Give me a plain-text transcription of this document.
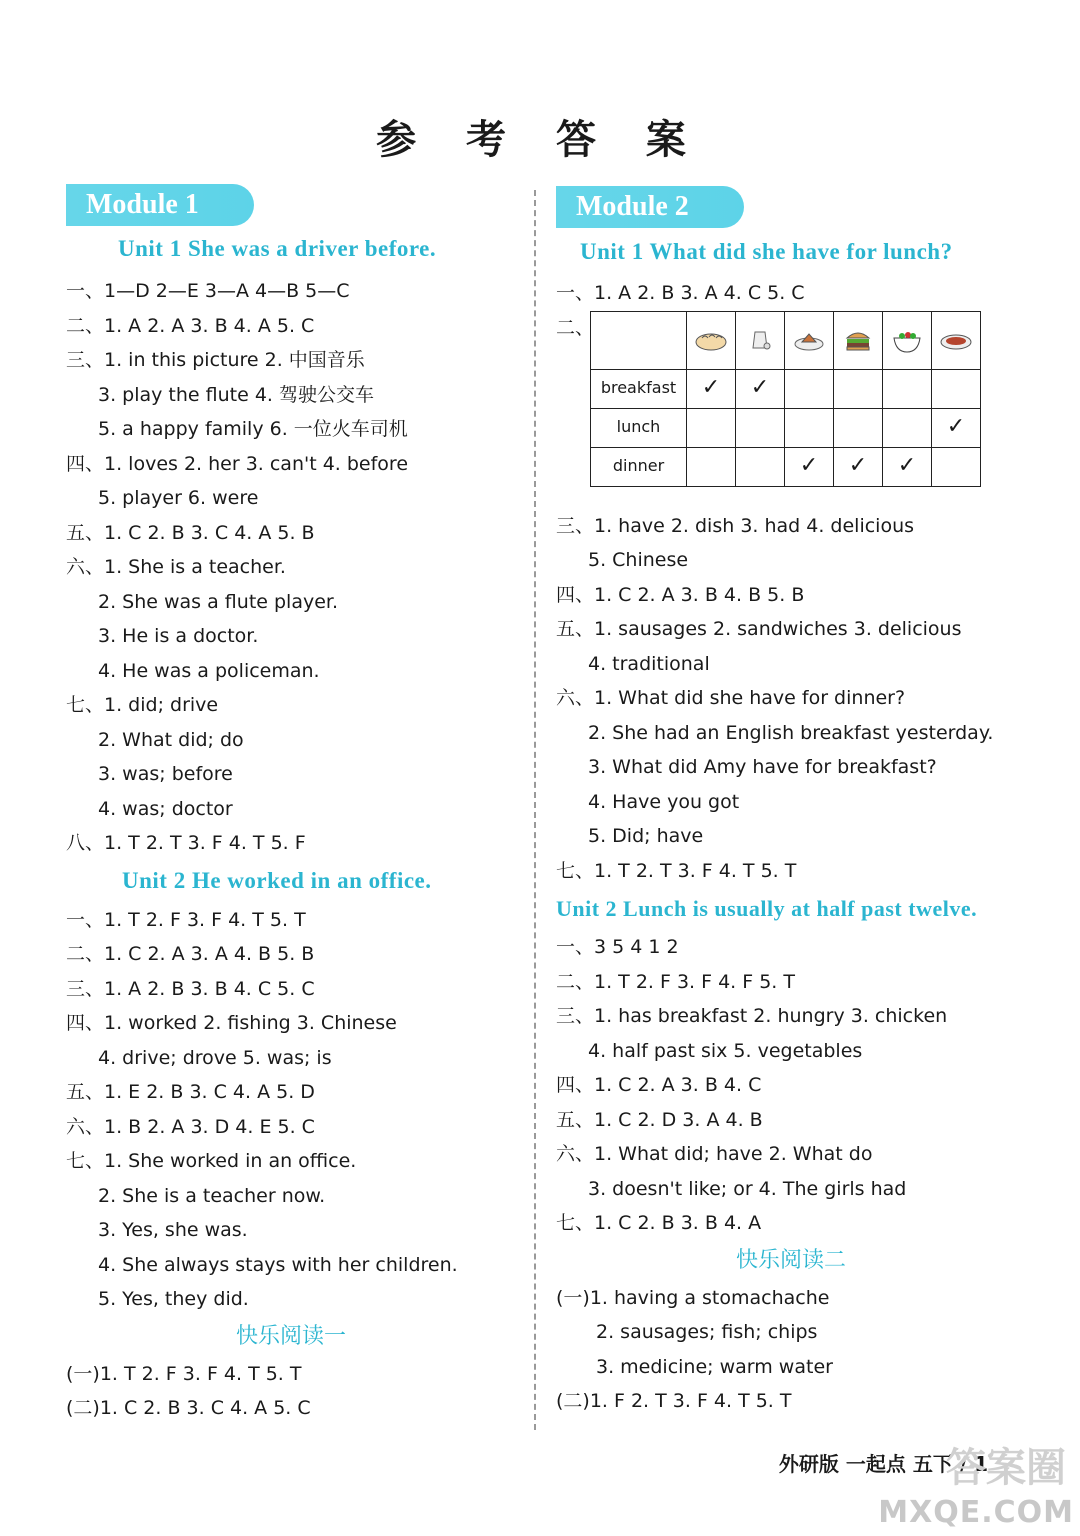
参 考 答 案
Module 1
Unit 1 She was a driver before.
一、1—D 2—E 3—A 4—B 5—C
二、1. A 2. A 3. B 4. A 5. C
三、1. in this picture 2. 中国音乐
3. play the flute 4. 驾驶公交车
5. a happy family 6. 一位火车司机
四、1. loves 2. her 3. can't 4. before
5. player 6. were
五、1. C 2. B 3. C 4. A 5. B
六、1. She is a teacher.
2. She was a flute player.
3. He is a doctor.
4. He was a policeman.
七、1. did; drive
2. What did; do
3. was; before
4. was; doctor
八、1. T 2. T 3. F 4. T 5. F
Unit 2 He worked in an office.
一、1. T 2. F 3. F 4. T 5. T
二、1. C 2. A 3. A 4. B 5. B
三、1. A 2. B 3. B 4. C 5. C
四、1. worked 2. fishing 3. Chinese
4. drive; drove 5. was; is
五、1. E 2. B 3. C 4. A 5. D
六、1. B 2. A 3. D 4. E 5. C
七、1. She worked in an office.
2. She is a teacher now.
3. Yes, she was.
4. She always stays with her children.
5. Yes, they did.
快乐阅读一
(一)1. T 2. F 3. F 4. T 5. T
(二)1. C 2. B 3. C 4. A 5. C
Module 2
Unit 1 What did she have for lunch?
一、1. A 2. B 3. A 4. C 5. C
二、

breakfast	✓	✓				
lunch						✓
dinner			✓	✓	✓	
三、1. have 2. dish 3. had 4. delicious
5. Chinese
四、1. C 2. A 3. B 4. B 5. B
五、1. sausages 2. sandwiches 3. delicious
4. traditional
六、1. What did she have for dinner?
2. She had an English breakfast yesterday.
3. What did Amy have for breakfast?
4. Have you got
5. Did; have
七、1. T 2. T 3. F 4. T 5. T
Unit 2 Lunch is usually at half past twelve.
一、3 5 4 1 2
二、1. T 2. F 3. F 4. F 5. T
三、1. has breakfast 2. hungry 3. chicken
4. half past six 5. vegetables
四、1. C 2. A 3. B 4. C
五、1. C 2. D 3. A 4. B
六、1. What did; have 2. What do
3. doesn't like; or 4. The girls had
七、1. C 2. B 3. B 4. A
快乐阅读二
(一)1. having a stomachache
2. sausages; fish; chips
3. medicine; warm water
(二)1. F 2. T 3. F 4. T 5. T
外研版 一起点 五下 / 1
答案圈
MXQE.COM
